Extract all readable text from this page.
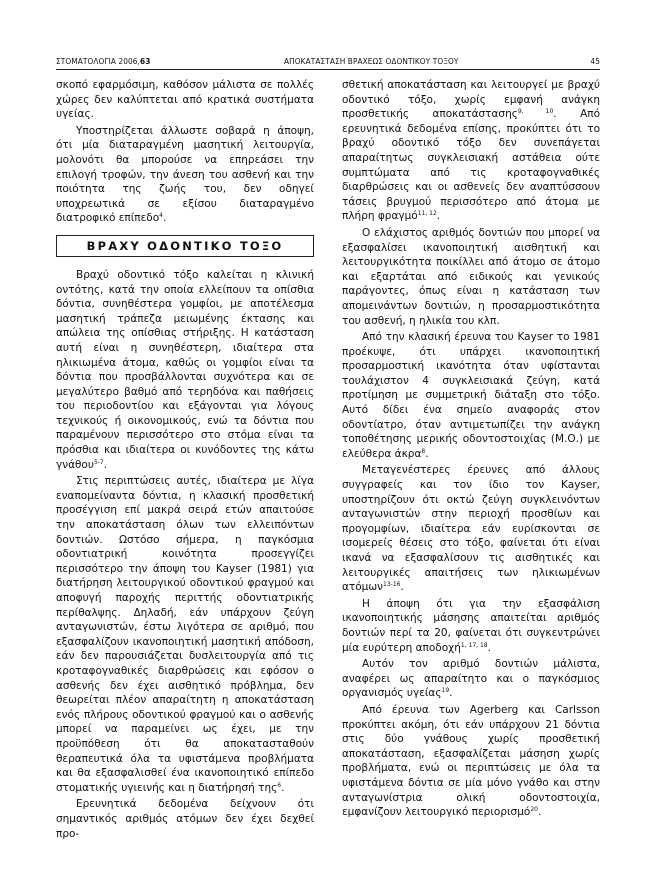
ΣΤΟΜΑΤΟΛΟΓΙΑ 2006,63	ΑΠΟΚΑΤΑΣΤΑΣΗ ΒΡΑΧΕΩΣ ΟΔΟΝΤΙΚΟΥ ΤΟΞΟΥ	45

σκοπό εφαρμόσιμη, καθόσον μάλιστα σε πολλές χώρες δεν καλύπτεται από κρατικά συστήματα υγείας.

Υποστηρίζεται άλλωστε σοβαρά η άποψη, ότι μία διαταραγμένη μασητική λειτουργία, μολονότι θα μπορούσε να επηρεάσει την επιλογή τροφών, την άνεση του ασθενή και την ποιότητα της ζωής του, δεν οδηγεί υποχρεωτικά σε εξίσου διαταραγμένο διατροφικό επίπεδο$^4$.

ΒΡΑΧΥ ΟΔΟΝΤΙΚΟ ΤΟΞΟ

Βραχύ οδοντικό τόξο καλείται η κλινική οντότης, κατά την οποία ελλείπουν τα οπίσθια δόντια, συνηθέστερα γομφίοι, με αποτέλεσμα μασητική τράπεζα μειωμένης έκτασης και απώλεια της οπίσθιας στήριξης. Η κατάσταση αυτή είναι η συνηθέστερη, ιδιαίτερα στα ηλικιωμένα άτομα, καθώς οι γομφίοι είναι τα δόντια που προσβάλλονται συχνότερα και σε μεγαλύτερο βαθμό από τερηδόνα και παθήσεις του περιοδοντίου και εξάγονται για λόγους τεχνικούς ή οικονομικούς, ενώ τα δόντια που παραμένουν περισσότερο στο στόμα είναι τα πρόσθια και ιδιαίτερα οι κυνόδοντες της κάτω γνάθου$^{5-7}$.

Στις περιπτώσεις αυτές, ιδιαίτερα με λίγα εναπομείναντα δόντια, η κλασική προσθετική προσέγγιση επί μακρά σειρά ετών απαιτούσε την αποκατάσταση όλων των ελλειπόντων δοντιών. Ωστόσο σήμερα, η παγκόσμια οδοντιατρική κοινότητα προσεγγίζει περισσότερο την άποψη του Kayser (1981) για διατήρηση λειτουργικού οδοντικού φραγμού και αποφυγή παροχής περιττής οδοντιατρικής περίθαλψης. Δηλαδή, εάν υπάρχουν ζεύγη ανταγωνιστών, έστω λιγότερα σε αριθμό, που εξασφαλίζουν ικανοποιητική μασητική απόδοση, εάν δεν παρουσιάζεται δυσλειτουργία από τις κροταφογναθικές διαρθρώσεις και εφόσον ο ασθενής δεν έχει αισθητικό πρόβλημα, δεν θεωρείται πλέον απαραίτητη η αποκατάσταση ενός πλήρους οδοντικού φραγμού και ο ασθενής μπορεί να παραμείνει ως έχει, με την προϋπόθεση ότι θα αποκατασταθούν θεραπευτικά όλα τα υφιστάμενα προβλήματα και θα εξασφαλισθεί ένα ικανοποιητικό επίπεδο στοματικής υγιεινής και η διατήρησή της$^6$.

Ερευνητικά δεδομένα δείχνουν ότι σημαντικός αριθμός ατόμων δεν έχει δεχθεί προ-

σθετική αποκατάσταση και λειτουργεί με βραχύ οδοντικό τόξο, χωρίς εμφανή ανάγκη προσθετικής αποκατάστασης$^{9, 10}$. Από ερευνητικά δεδομένα επίσης, προκύπτει ότι το βραχύ οδοντικό τόξο δεν συνεπάγεται απαραίτητως συγκλεισιακή αστάθεια ούτε συμπτώματα από τις κροταφογναθικές διαρθρώσεις και οι ασθενείς δεν αναπτύσσουν τάσεις βρυγμού περισσότερο από άτομα με πλήρη φραγμό$^{11, 12}$.

Ο ελάχιστος αριθμός δοντιών που μπορεί να εξασφαλίσει ικανοποιητική αισθητική και λειτουργικότητα ποικίλλει από άτομο σε άτομο και εξαρτάται από ειδικούς και γενικούς παράγοντες, όπως είναι η κατάσταση των απομεινάντων δοντιών, η προσαρμοστικότητα του ασθενή, η ηλικία του κλπ.

Από την κλασική έρευνα του Kayser το 1981 προέκυψε, ότι υπάρχει ικανοποιητική προσαρμοστική ικανότητα όταν υφίστανται τουλάχιστον 4 συγκλεισιακά ζεύγη, κατά προτίμηση με συμμετρική διάταξη στο τόξο. Αυτό δίδει ένα σημείο αναφοράς στον οδοντίατρο, όταν αντιμετωπίζει την ανάγκη τοποθέτησης μερικής οδοντοστοιχίας (Μ.Ο.) με ελεύθερα άκρα$^8$.

Μεταγενέστερες έρευνες από άλλους συγγραφείς και τον ίδιο τον Kayser, υποστηρίζουν ότι οκτώ ζεύγη συγκλεινόντων ανταγωνιστών στην περιοχή προσθίων και προγομφίων, ιδιαίτερα εάν ευρίσκονται σε ισομερείς θέσεις στο τόξο, φαίνεται ότι είναι ικανά να εξασφαλίσουν τις αισθητικές και λειτουργικές απαιτήσεις των ηλικιωμένων ατόμων$^{13-16}$.

Η άποψη ότι για την εξασφάλιση ικανοποιητικής μάσησης απαιτείται αριθμός δοντιών περί τα 20, φαίνεται ότι συγκεντρώνει μία ευρύτερη αποδοχή$^{1, 17, 18}$.

Αυτόν τον αριθμό δοντιών μάλιστα, αναφέρει ως απαραίτητο και ο παγκόσμιος οργανισμός υγείας$^{19}$.

Από έρευνα των Agerberg και Carlsson προκύπτει ακόμη, ότι εάν υπάρχουν 21 δόντια στις δύο γνάθους χωρίς προσθετική αποκατάσταση, εξασφαλίζεται μάσηση χωρίς προβλήματα, ενώ οι περιπτώσεις με όλα τα υφιστάμενα δόντια σε μία μόνο γνάθο και στην ανταγωνίστρια ολική οδοντοστοιχία, εμφανίζουν λειτουργικό περιορισμό$^{20}$.
